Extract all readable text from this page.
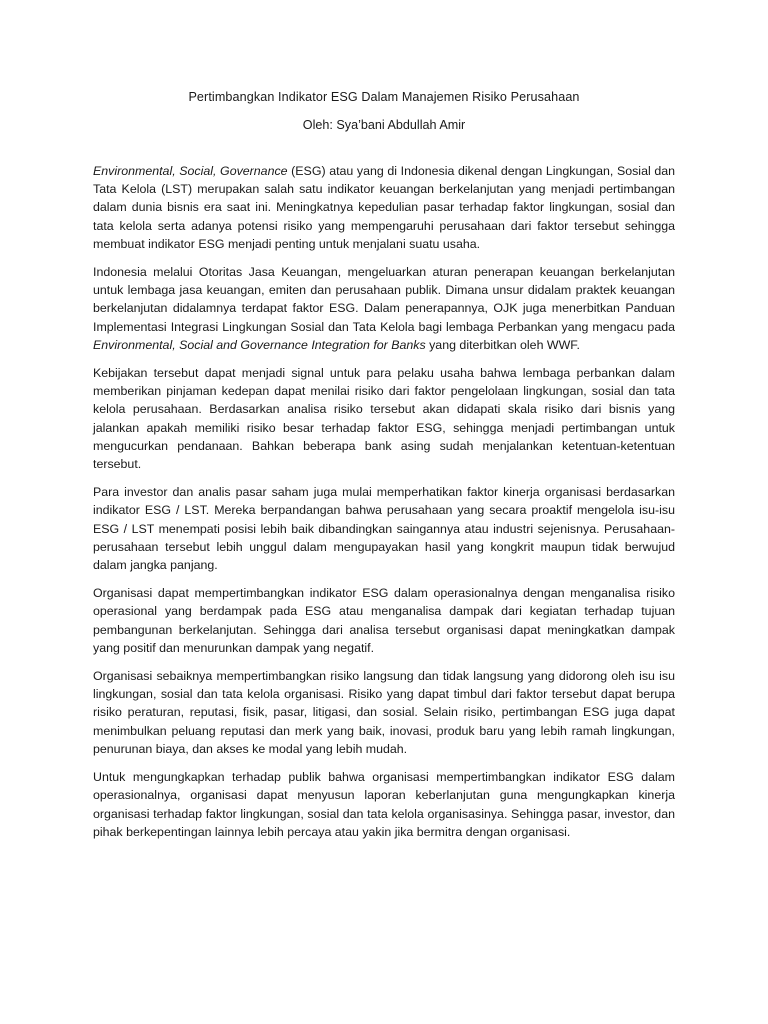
Pertimbangkan Indikator ESG Dalam Manajemen Risiko Perusahaan

Oleh: Sya’bani Abdullah Amir

Environmental, Social, Governance (ESG) atau yang di Indonesia dikenal dengan Lingkungan, Sosial dan Tata Kelola (LST) merupakan salah satu indikator keuangan berkelanjutan yang menjadi pertimbangan dalam dunia bisnis era saat ini. Meningkatnya kepedulian pasar terhadap faktor lingkungan, sosial dan tata kelola serta adanya potensi risiko yang mempengaruhi perusahaan dari faktor tersebut sehingga membuat indikator ESG menjadi penting untuk menjalani suatu usaha.

Indonesia melalui Otoritas Jasa Keuangan, mengeluarkan aturan penerapan keuangan berkelanjutan untuk lembaga jasa keuangan, emiten dan perusahaan publik. Dimana unsur didalam praktek keuangan berkelanjutan didalamnya terdapat faktor ESG. Dalam penerapannya, OJK juga menerbitkan Panduan Implementasi Integrasi Lingkungan Sosial dan Tata Kelola bagi lembaga Perbankan yang mengacu pada Environmental, Social and Governance Integration for Banks yang diterbitkan oleh WWF.

Kebijakan tersebut dapat menjadi signal untuk para pelaku usaha bahwa lembaga perbankan dalam memberikan pinjaman kedepan dapat menilai risiko dari faktor pengelolaan lingkungan, sosial dan tata kelola perusahaan. Berdasarkan analisa risiko tersebut akan didapati skala risiko dari bisnis yang jalankan apakah memiliki risiko besar terhadap faktor ESG, sehingga menjadi pertimbangan untuk mengucurkan pendanaan. Bahkan beberapa bank asing sudah menjalankan ketentuan-ketentuan tersebut.

Para investor dan analis pasar saham juga mulai memperhatikan faktor kinerja organisasi berdasarkan indikator ESG / LST. Mereka berpandangan bahwa perusahaan yang secara proaktif mengelola isu-isu ESG / LST menempati posisi lebih baik dibandingkan saingannya atau industri sejenisnya. Perusahaan-perusahaan tersebut lebih unggul dalam mengupayakan hasil yang kongkrit maupun tidak berwujud dalam jangka panjang.

Organisasi dapat mempertimbangkan indikator ESG dalam operasionalnya dengan menganalisa risiko operasional yang berdampak pada ESG atau menganalisa dampak dari kegiatan terhadap tujuan pembangunan berkelanjutan. Sehingga dari analisa tersebut organisasi dapat meningkatkan dampak yang positif dan menurunkan dampak yang negatif.

Organisasi sebaiknya mempertimbangkan risiko langsung dan tidak langsung yang didorong oleh isu isu lingkungan, sosial dan tata kelola organisasi. Risiko yang dapat timbul dari faktor tersebut dapat berupa risiko peraturan, reputasi, fisik, pasar, litigasi, dan sosial. Selain risiko, pertimbangan ESG juga dapat menimbulkan peluang reputasi dan merk yang baik, inovasi, produk baru yang lebih ramah lingkungan, penurunan biaya, dan akses ke modal yang lebih mudah.

Untuk mengungkapkan terhadap publik bahwa organisasi mempertimbangkan indikator ESG dalam operasionalnya, organisasi dapat menyusun laporan keberlanjutan guna mengungkapkan kinerja organisasi terhadap faktor lingkungan, sosial dan tata kelola organisasinya. Sehingga pasar, investor, dan pihak berkepentingan lainnya lebih percaya atau yakin jika bermitra dengan organisasi.
